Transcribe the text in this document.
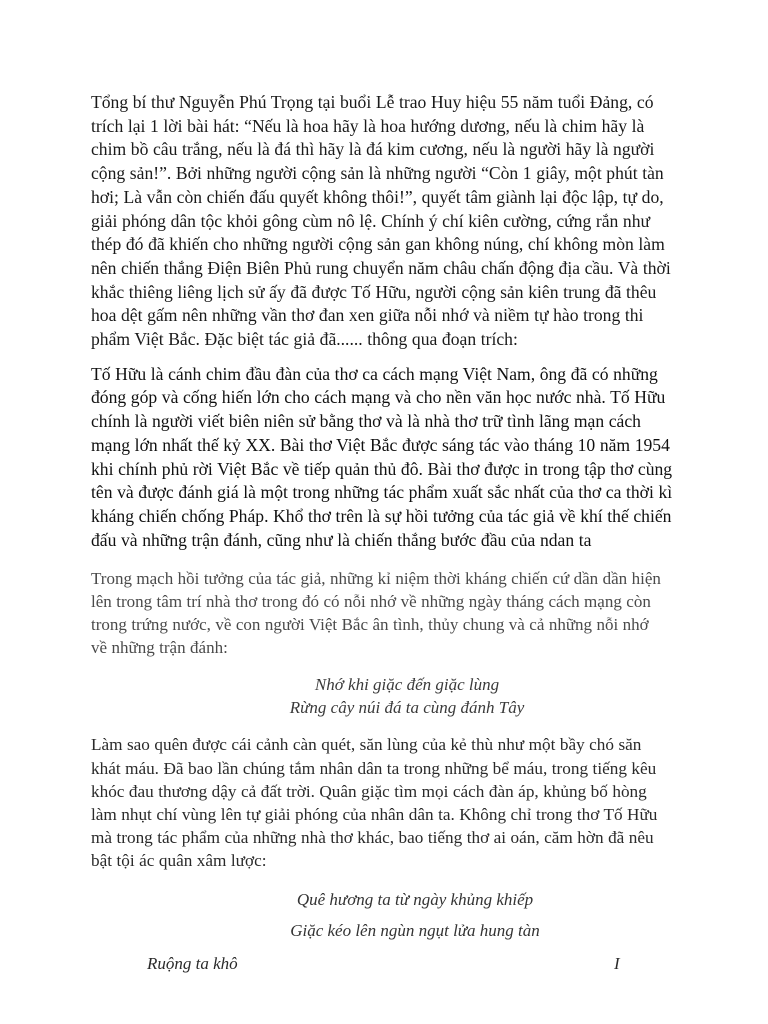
Tổng bí thư Nguyễn Phú Trọng tại buổi Lễ trao Huy hiệu 55 năm tuổi Đảng, có
trích lại 1 lời bài hát: “Nếu là hoa hãy là hoa hướng dương, nếu là chim hãy là
chim bồ câu trắng, nếu là đá thì hãy là đá kim cương, nếu là người hãy là người
cộng sản!”. Bởi những người cộng sản là những người “Còn 1 giây, một phút tàn
hơi; Là vẫn còn chiến đấu quyết không thôi!”, quyết tâm giành lại độc lập, tự do,
giải phóng dân tộc khỏi gông cùm nô lệ. Chính ý chí kiên cường, cứng rắn như
thép đó đã khiến cho những người cộng sản gan không núng, chí không mòn làm
nên chiến thắng Điện Biên Phủ rung chuyển năm châu chấn động địa cầu. Và thời
khắc thiêng liêng lịch sử ấy đã được Tố Hữu, người cộng sản kiên trung đã thêu
hoa dệt gấm nên những vần thơ đan xen giữa nỗi nhớ và niềm tự hào trong thi
phẩm Việt Bắc. Đặc biệt tác giả đã...... thông qua đoạn trích:

Tố Hữu là cánh chim đầu đàn của thơ ca cách mạng Việt Nam, ông đã có những
đóng góp và cống hiến lớn cho cách mạng và cho nền văn học nước nhà. Tố Hữu
chính là người viết biên niên sử bằng thơ và là nhà thơ trữ tình lãng mạn cách
mạng lớn nhất thế kỷ XX. Bài thơ Việt Bắc được sáng tác vào tháng 10 năm 1954
khi chính phủ rời Việt Bắc về tiếp quản thủ đô. Bài thơ được in trong tập thơ cùng
tên và được đánh giá là một trong những tác phẩm xuất sắc nhất của thơ ca thời kì
kháng chiến chống Pháp. Khổ thơ trên là sự hồi tưởng của tác giả về khí thế chiến
đấu và những trận đánh, cũng như là chiến thắng bước đầu của ndan ta

Trong mạch hồi tưởng của tác giả, những kỉ niệm thời kháng chiến cứ dần dần hiện
lên trong tâm trí nhà thơ trong đó có nỗi nhớ về những ngày tháng cách mạng còn
trong trứng nước, về con người Việt Bắc ân tình, thủy chung và cả những nỗi nhớ
về những trận đánh:

Nhớ khi giặc đến giặc lùng
Rừng cây núi đá ta cùng đánh Tây

Làm sao quên được cái cảnh càn quét, săn lùng của kẻ thù như một bầy chó săn
khát máu. Đã bao lần chúng tắm nhân dân ta trong những bể máu, trong tiếng kêu
khóc đau thương dậy cả đất trời. Quân giặc tìm mọi cách đàn áp, khủng bố hòng
làm nhụt chí vùng lên tự giải phóng của nhân dân ta. Không chỉ trong thơ Tố Hữu
mà trong tác phẩm của những nhà thơ khác, bao tiếng thơ ai oán, căm hờn đã nêu
bật tội ác quân xâm lược:

Quê hương ta từ ngày khủng khiếp
Giặc kéo lên ngùn ngụt lửa hung tàn
Ruộng ta khô	I
